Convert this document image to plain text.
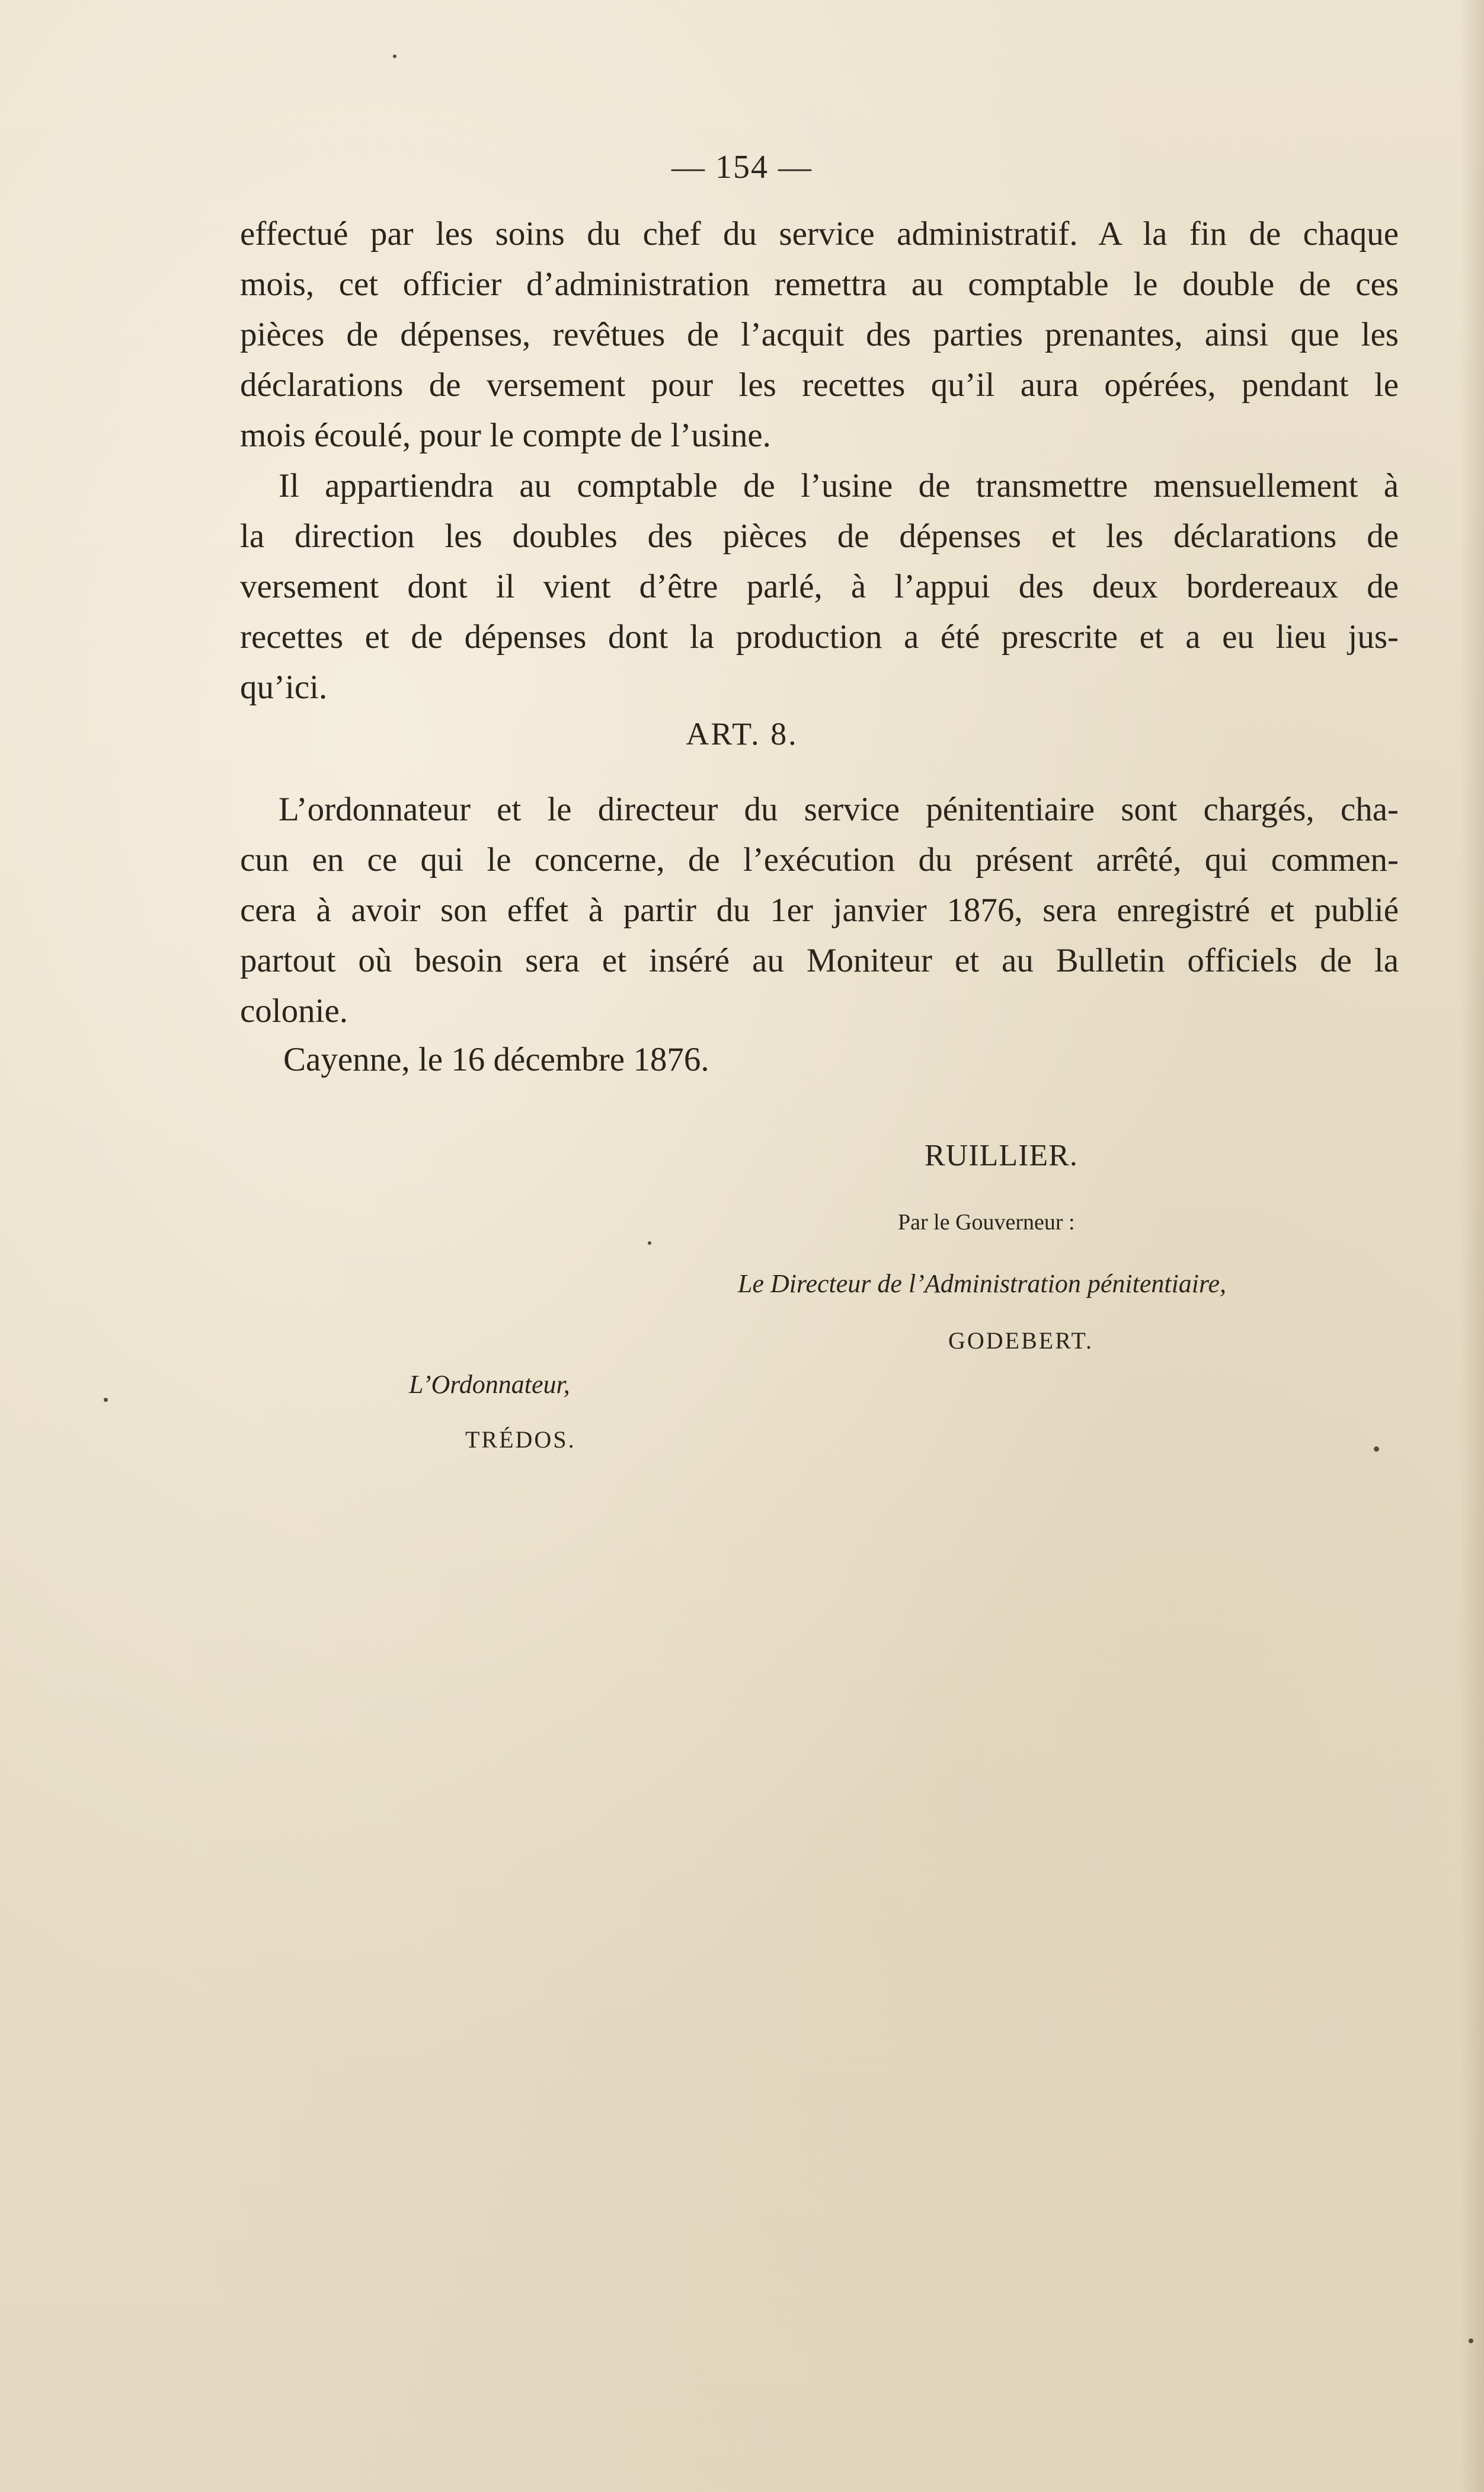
— 154 —
effectué par les soins du chef du service administratif. A la fin de chaque
mois, cet officier d’administration remettra au comptable le double de ces
pièces de dépenses, revêtues de l’acquit des parties prenantes, ainsi que les
déclarations de versement pour les recettes qu’il aura opérées, pendant le
mois écoulé, pour le compte de l’usine.
Il appartiendra au comptable de l’usine de transmettre mensuellement à
la direction les doubles des pièces de dépenses et les déclarations de
versement dont il vient d’être parlé, à l’appui des deux bordereaux de
recettes et de dépenses dont la production a été prescrite et a eu lieu jus-
qu’ici.
ART. 8.
L’ordonnateur et le directeur du service pénitentiaire sont chargés, cha-
cun en ce qui le concerne, de l’exécution du présent arrêté, qui commen-
cera à avoir son effet à partir du 1er janvier 1876, sera enregistré et publié
partout où besoin sera et inséré au Moniteur et au Bulletin officiels de la
colonie.
Cayenne, le 16 décembre 1876.
RUILLIER.
Par le Gouverneur :
Le Directeur de l’Administration pénitentiaire,
GODEBERT.
L’Ordonnateur,
TRÉDOS.
